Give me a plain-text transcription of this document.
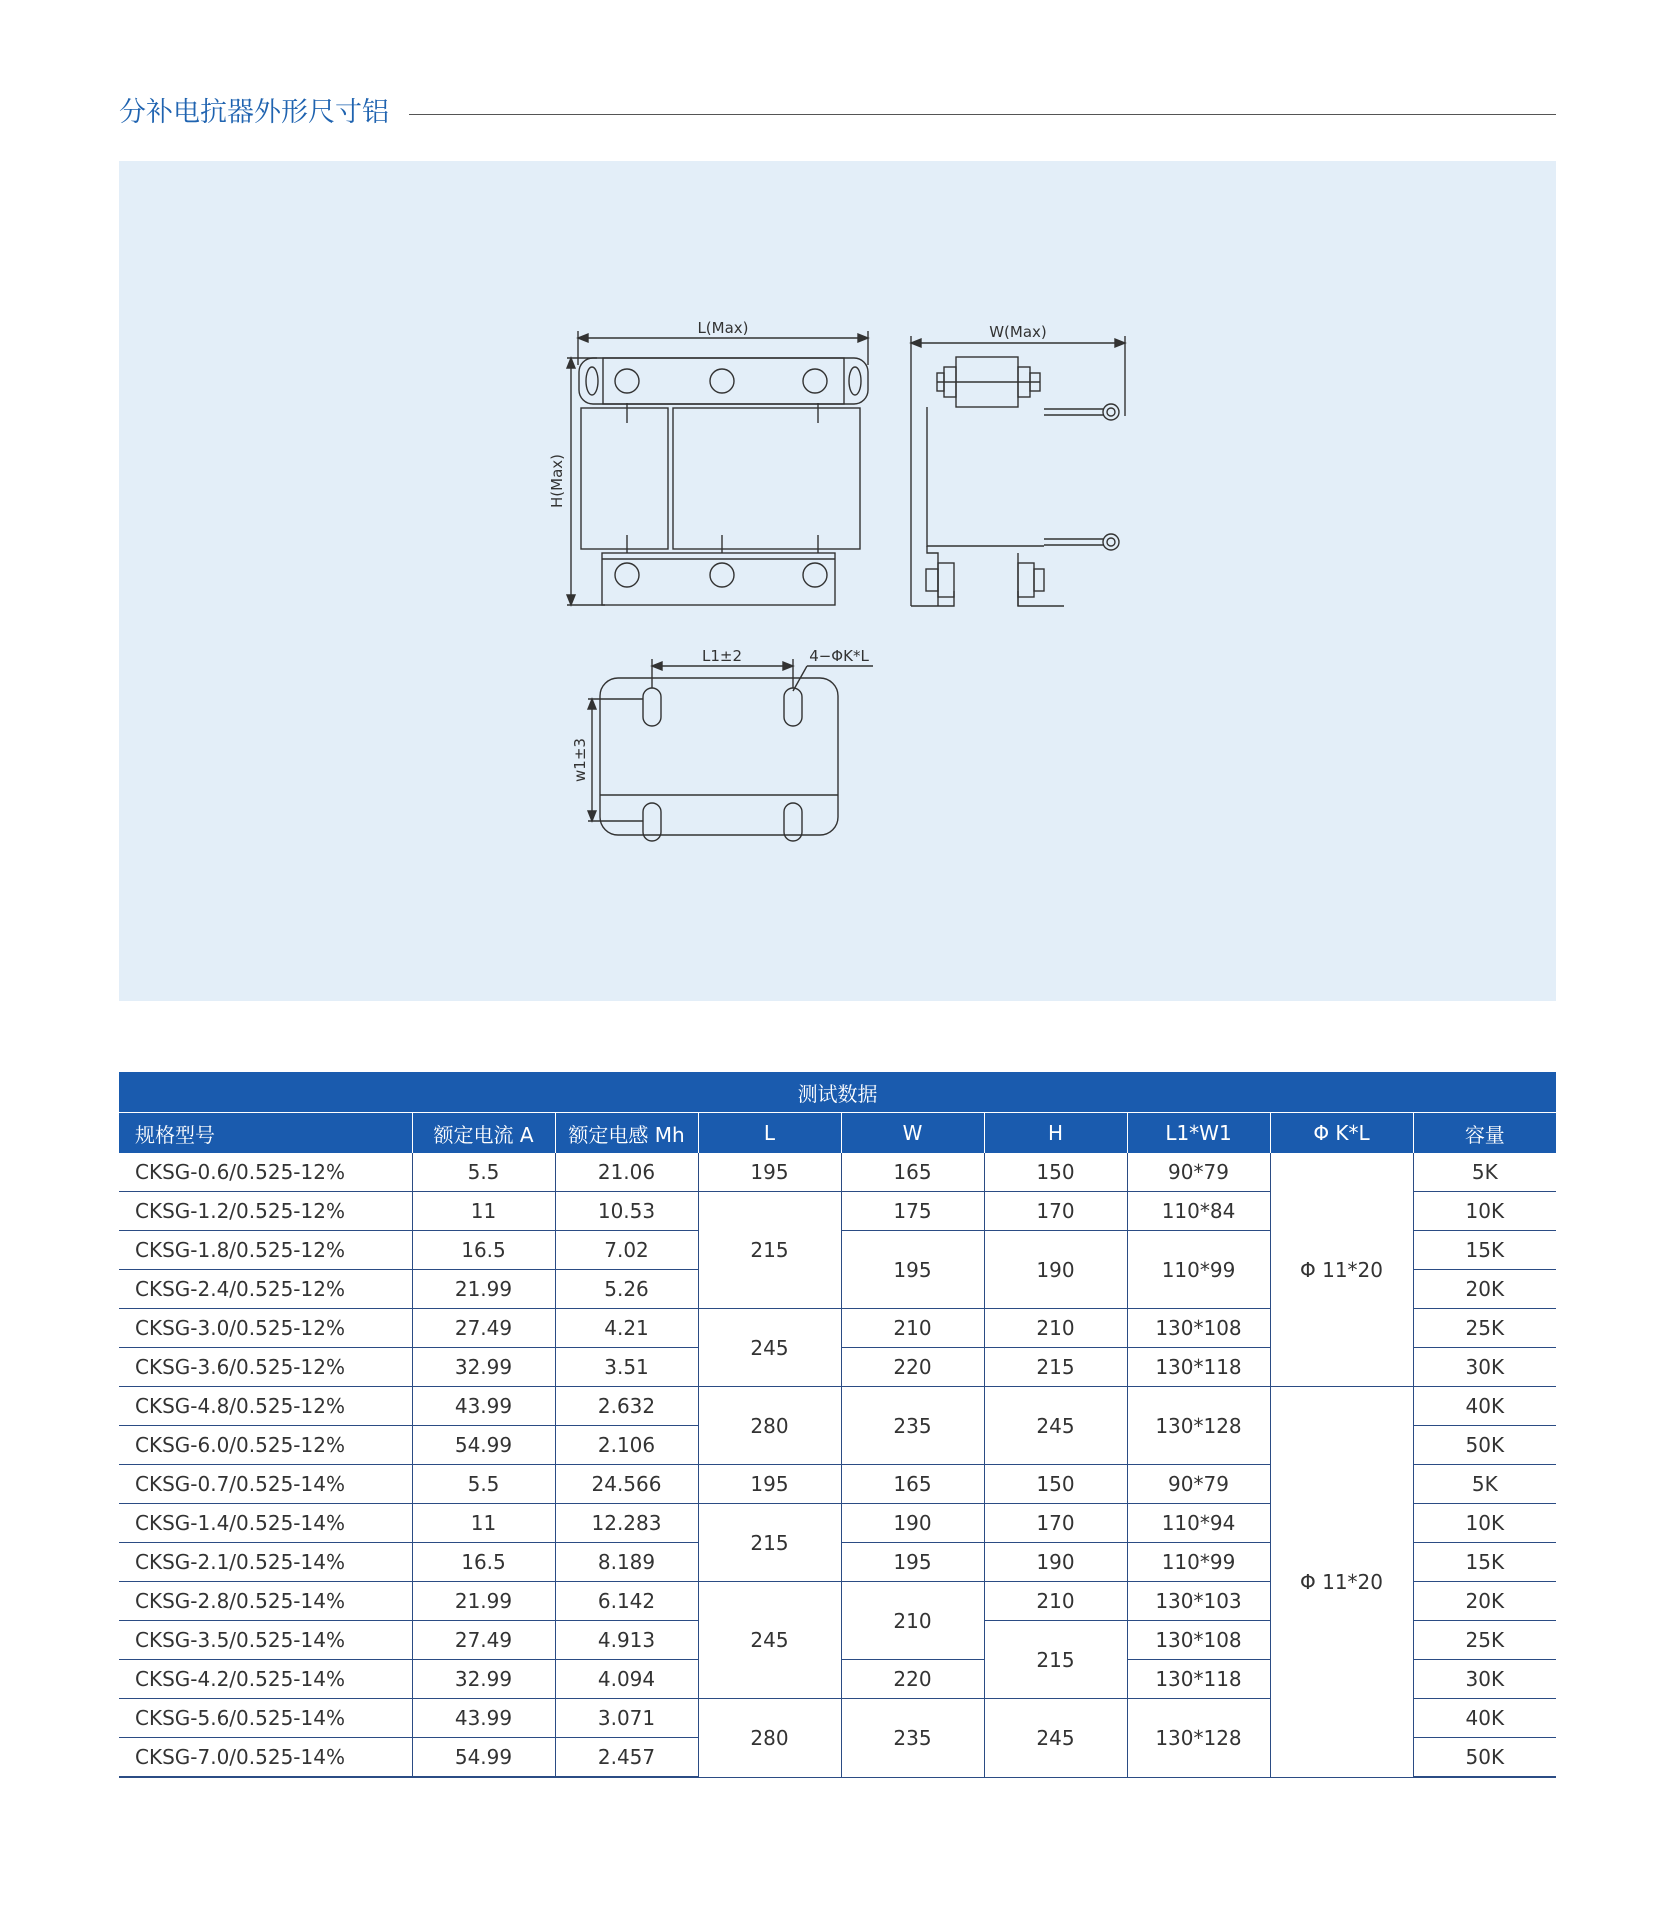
分补电抗器外形尺寸铝
L(Max)	W(Max)
H(Max)
L1±2	4−ΦK*L
w1±3
测试数据								
规格型号	额定电流 A	额定电感 Mh	L	W	H	L1*W1	Φ K*L	容量
CKSG-0.6/0.525-12%	5.5	21.06	195	165	150	90*79	Φ 11*20	5K
CKSG-1.2/0.525-12%	11	10.53	215	175	170	110*84		10K
CKSG-1.8/0.525-12%	16.5	7.02		195	190	110*99		15K
CKSG-2.4/0.525-12%	21.99	5.26						20K
CKSG-3.0/0.525-12%	27.49	4.21	245	210	210	130*108		25K
CKSG-3.6/0.525-12%	32.99	3.51		220	215	130*118		30K
CKSG-4.8/0.525-12%	43.99	2.632	280	235	245	130*128	Φ 11*20	40K
CKSG-6.0/0.525-12%	54.99	2.106						50K
CKSG-0.7/0.525-14%	5.5	24.566	195	165	150	90*79		5K
CKSG-1.4/0.525-14%	11	12.283	215	190	170	110*94		10K
CKSG-2.1/0.525-14%	16.5	8.189		195	190	110*99		15K
CKSG-2.8/0.525-14%	21.99	6.142	245	210	210	130*103		20K
CKSG-3.5/0.525-14%	27.49	4.913			215	130*108		25K
CKSG-4.2/0.525-14%	32.99	4.094		220		130*118		30K
CKSG-5.6/0.525-14%	43.99	3.071	280	235	245	130*128		40K
CKSG-7.0/0.525-14%	54.99	2.457						50K
